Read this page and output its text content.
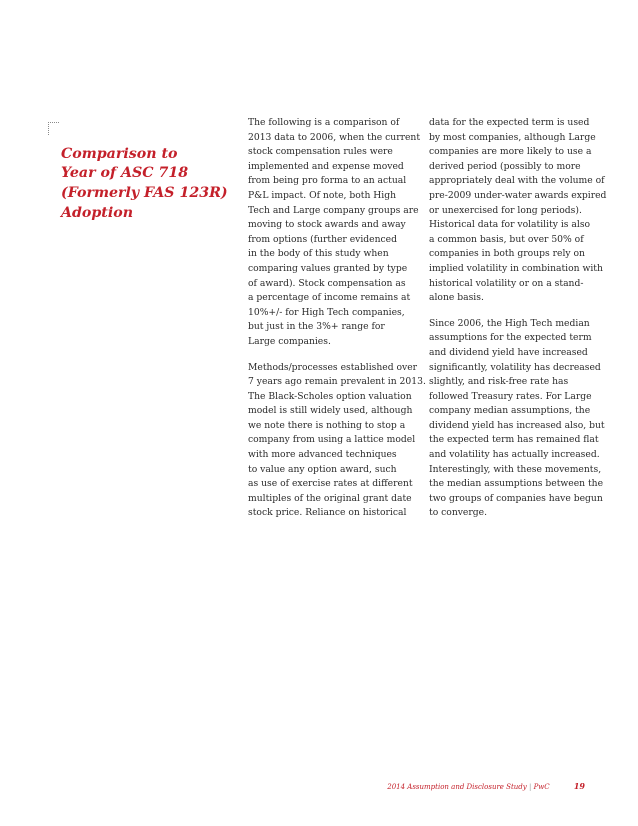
Comparison to
Year of ASC 718
(Formerly FAS 123R)
Adoption

The following is a comparison of
2013 data to 2006, when the current
stock compensation rules were
implemented and expense moved
from being pro forma to an actual
P&L impact. Of note, both High
Tech and Large company groups are
moving to stock awards and away
from options (further evidenced
in the body of this study when
comparing values granted by type
of award). Stock compensation as
a percentage of income remains at
10%+/- for High Tech companies,
but just in the 3%+ range for
Large companies.

Methods/processes established over
7 years ago remain prevalent in 2013.
The Black-Scholes option valuation
model is still widely used, although
we note there is nothing to stop a
company from using a lattice model
with more advanced techniques
to value any option award, such
as use of exercise rates at different
multiples of the original grant date
stock price. Reliance on historical

data for the expected term is used
by most companies, although Large
companies are more likely to use a
derived period (possibly to more
appropriately deal with the volume of
pre-2009 under-water awards expired
or unexercised for long periods).
Historical data for volatility is also
a common basis, but over 50% of
companies in both groups rely on
implied volatility in combination with
historical volatility or on a stand-
alone basis.

Since 2006, the High Tech median
assumptions for the expected term
and dividend yield have increased
significantly, volatility has decreased
slightly, and risk-free rate has
followed Treasury rates. For Large
company median assumptions, the
dividend yield has increased also, but
the expected term has remained flat
and volatility has actually increased.
Interestingly, with these movements,
the median assumptions between the
two groups of companies have begun
to converge.

2014 Assumption and Disclosure Study | PwC	19
